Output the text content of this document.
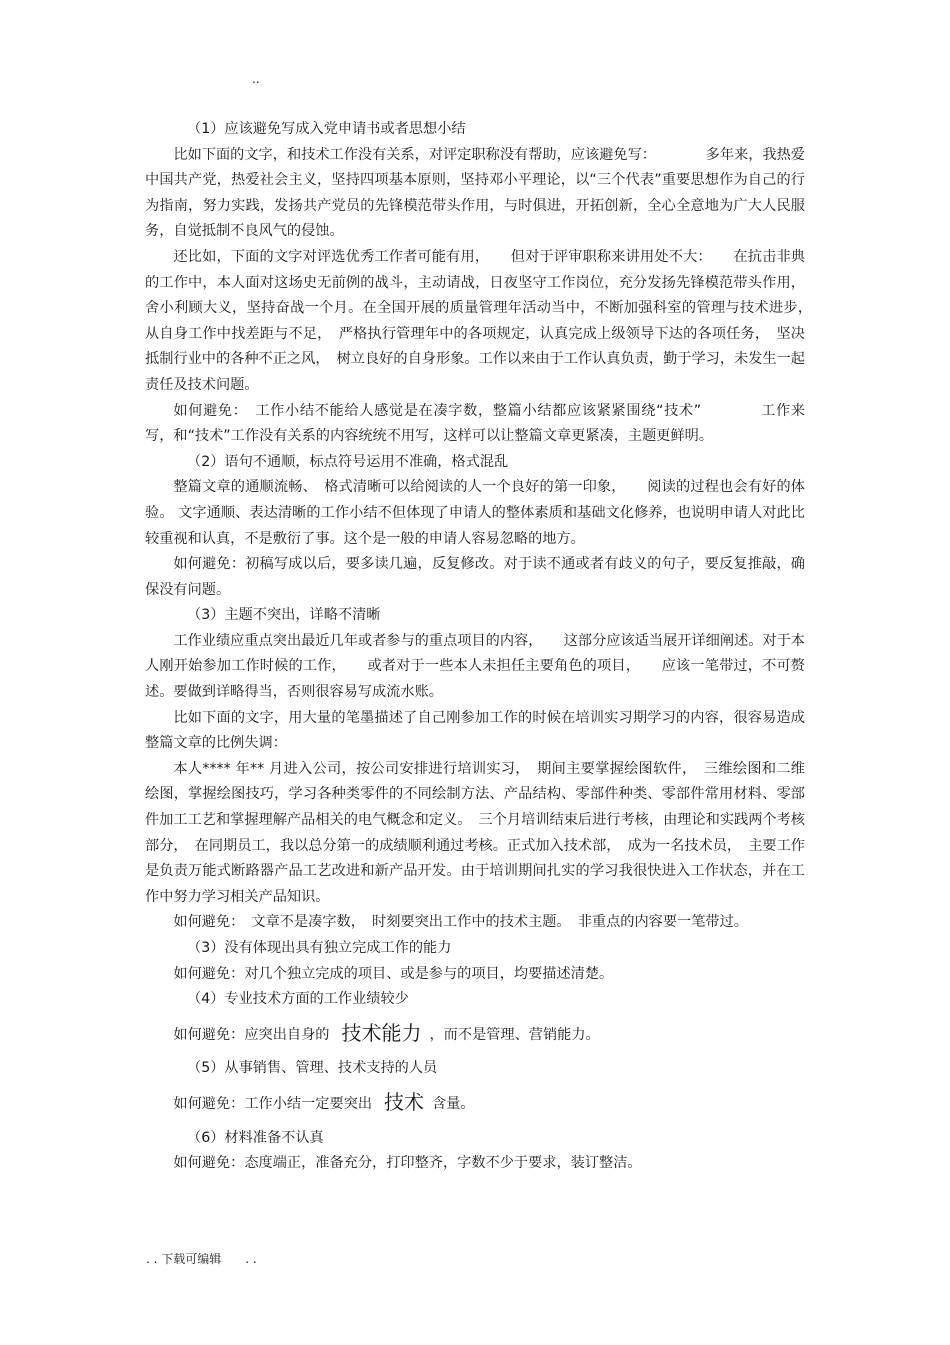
..

（1）应该避免写成入党申请书或者思想小结

比如下面的文字，和技术工作没有关系，对评定职称没有帮助，应该避免写：　　　　多年来，我热爱中国共产党，热爱社会主义，坚持四项基本原则，坚持邓小平理论，以“三个代表”重要思想作为自己的行为指南，努力实践，发扬共产党员的先锋模范带头作用，与时俱进，开拓创新，全心全意地为广大人民服务，自觉抵制不良风气的侵蚀。

还比如，下面的文字对评选优秀工作者可能有用，　　但对于评审职称来讲用处不大：　　在抗击非典的工作中，本人面对这场史无前例的战斗，主动请战，日夜坚守工作岗位，充分发扬先锋模范带头作用，舍小利顾大义，坚持奋战一个月。在全国开展的质量管理年活动当中，不断加强科室的管理与技术进步，　从自身工作中找差距与不足，　严格执行管理年中的各项规定，认真完成上级领导下达的各项任务，　坚决抵制行业中的各种不正之风，　树立良好的自身形象。工作以来由于工作认真负责，勤于学习，未发生一起责任及技术问题。

如何避免：　工作小结不能给人感觉是在凑字数，整篇小结都应该紧紧围绕“技术”　　　　工作来写，和“技术”工作没有关系的内容统统不用写，这样可以让整篇文章更紧凑，主题更鲜明。

（2）语句不通顺，标点符号运用不准确，格式混乱

整篇文章的通顺流畅、　格式清晰可以给阅读的人一个良好的第一印象，　　阅读的过程也会有好的体验。 文字通顺、表达清晰的工作小结不但体现了申请人的整体素质和基础文化修养，也说明申请人对此比较重视和认真，不是敷衍了事。这个是一般的申请人容易忽略的地方。

如何避免：初稿写成以后，要多读几遍，反复修改。对于读不通或者有歧义的句子，要反复推敲，确保没有问题。

（3）主题不突出，详略不清晰

工作业绩应重点突出最近几年或者参与的重点项目的内容，　　这部分应该适当展开详细阐述。对于本人刚开始参加工作时候的工作，　　或者对于一些本人未担任主要角色的项目，　　应该一笔带过，不可赘述。要做到详略得当，否则很容易写成流水账。

比如下面的文字，用大量的笔墨描述了自己刚参加工作的时候在培训实习期学习的内容，很容易造成整篇文章的比例失调：

本人**** 年** 月进入公司，按公司安排进行培训实习，　期间主要掌握绘图软件，　三维绘图和二维绘图，掌握绘图技巧，学习各种类零件的不同绘制方法、产品结构、零部件种类、零部件常用材料、零部件加工工艺和掌握理解产品相关的电气概念和定义。　三个月培训结束后进行考核，由理论和实践两个考核部分，　在同期员工，我以总分第一的成绩顺利通过考核。正式加入技术部，　成为一名技术员，　主要工作是负责万能式断路器产品工艺改进和新产品开发。由于培训期间扎实的学习我很快进入工作状态，并在工作中努力学习相关产品知识。

如何避免：　文章不是凑字数，　时刻要突出工作中的技术主题。　非重点的内容要一笔带过。

（3）没有体现出具有独立完成工作的能力

如何避免：对几个独立完成的项目、或是参与的项目，均要描述清楚。

（4）专业技术方面的工作业绩较少

如何避免：应突出自身的 技术能力 ，而不是管理、营销能力。

（5）从事销售、管理、技术支持的人员

如何避免：工作小结一定要突出 技术 含量。

（6）材料准备不认真

如何避免：态度端正，准备充分，打印整齐，字数不少于要求，装订整洁。

. . 下载可编辑　　. .
